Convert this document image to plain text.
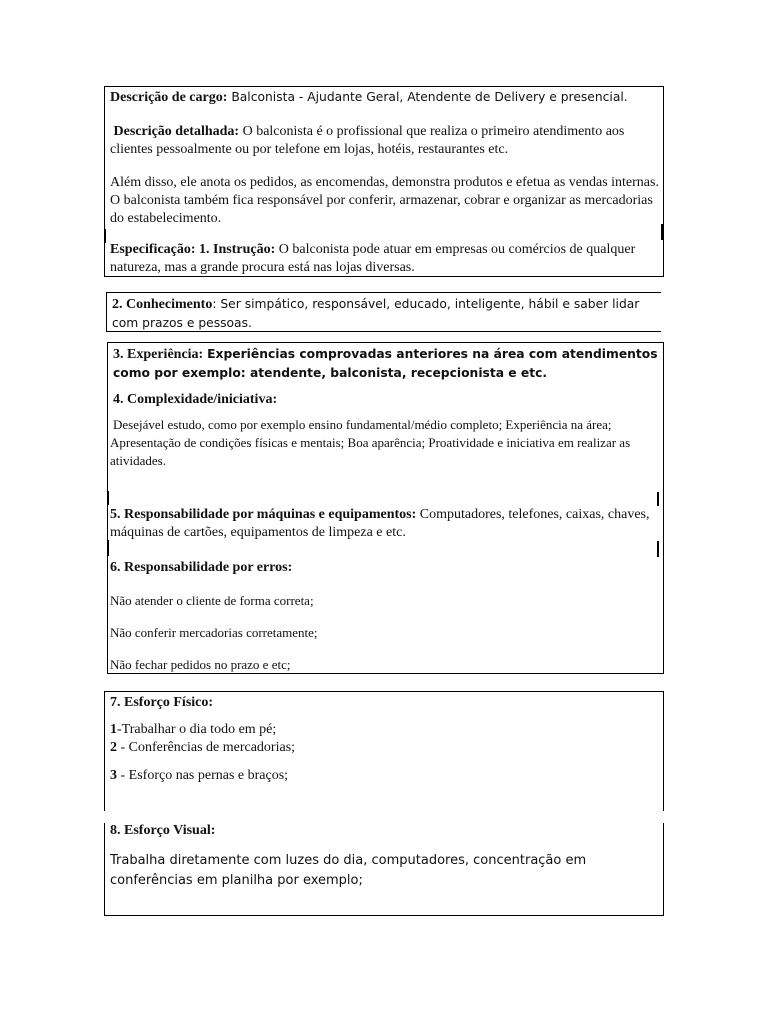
Descrição de cargo: Balconista - Ajudante Geral, Atendente de Delivery e presencial.

Descrição detalhada: O balconista é o profissional que realiza o primeiro atendimento aos clientes pessoalmente ou por telefone em lojas, hotéis, restaurantes etc.

Além disso, ele anota os pedidos, as encomendas, demonstra produtos e efetua as vendas internas. O balconista também fica responsável por conferir, armazenar, cobrar e organizar as mercadorias do estabelecimento.

Especificação: 1. Instrução: O balconista pode atuar em empresas ou comércios de qualquer natureza, mas a grande procura está nas lojas diversas.

2. Conhecimento: Ser simpático, responsável, educado, inteligente, hábil e saber lidar com prazos e pessoas.

3. Experiência: Experiências comprovadas anteriores na área com atendimentos como por exemplo: atendente, balconista, recepcionista e etc.

4. Complexidade/iniciativa:

Desejável estudo, como por exemplo ensino fundamental/médio completo; Experiência na área; Apresentação de condições físicas e mentais; Boa aparência; Proatividade e iniciativa em realizar as atividades.

5. Responsabilidade por máquinas e equipamentos: Computadores, telefones, caixas, chaves, máquinas de cartões, equipamentos de limpeza e etc.

6. Responsabilidade por erros:

Não atender o cliente de forma correta;

Não conferir mercadorias corretamente;

Não fechar pedidos no prazo e etc;

7. Esforço Físico:

1-Trabalhar o dia todo em pé;

2 - Conferências de mercadorias;

3 - Esforço nas pernas e braços;

8. Esforço Visual:

Trabalha diretamente com luzes do dia, computadores, concentração em conferências em planilha por exemplo;
